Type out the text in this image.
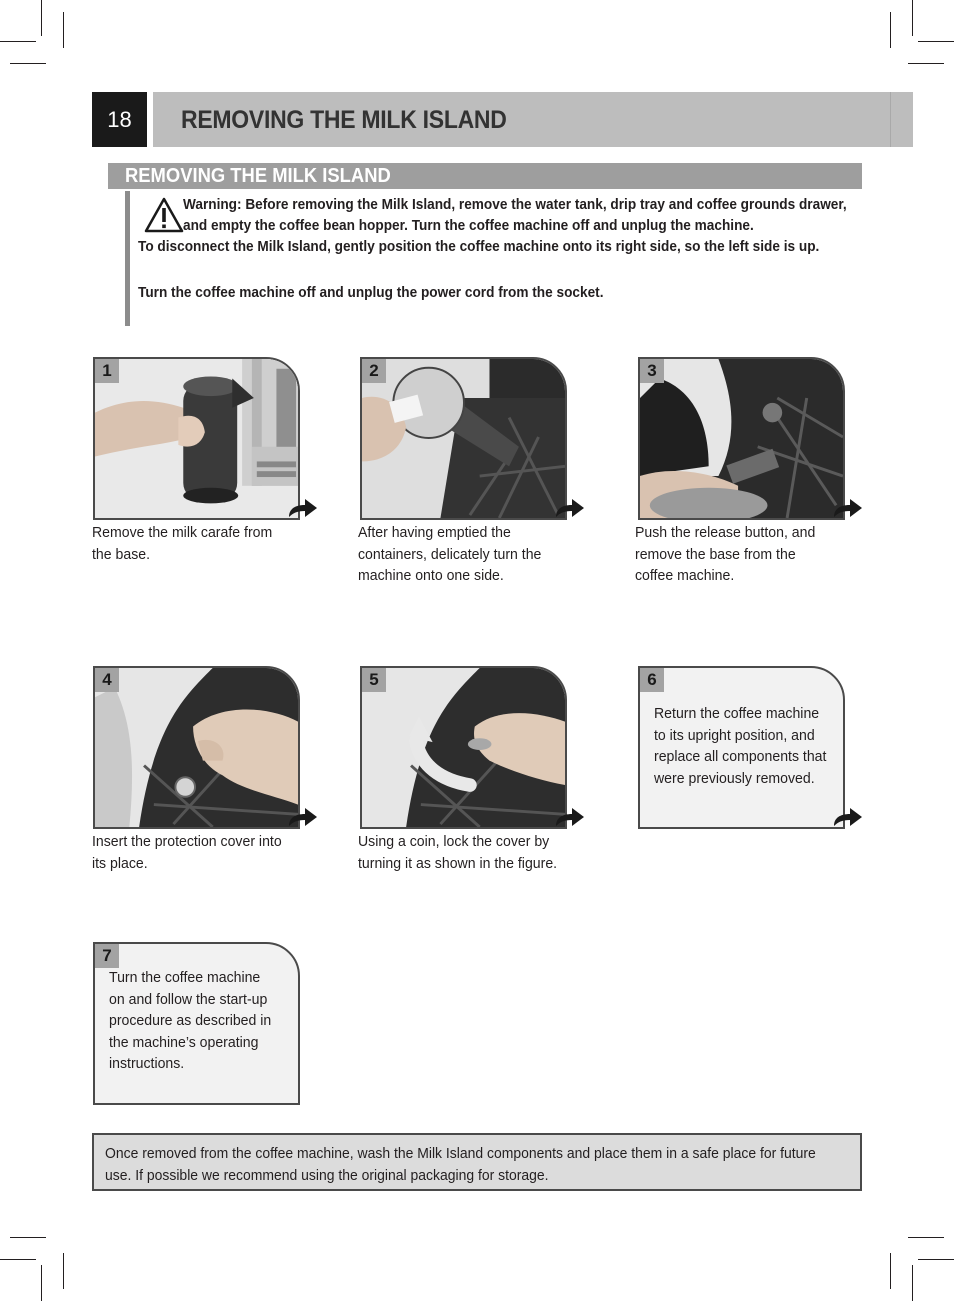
18	REMOVING THE MILK ISLAND
REMOVING THE MILK ISLAND
Warning: Before removing the Milk Island, remove the water tank, drip tray and coffee grounds drawer, and empty the coffee bean hopper. Turn the coffee machine off and unplug the machine.
To disconnect the Milk Island, gently position the coffee machine onto its right side, so the left side is up.
Turn the coffee machine off and unplug the power cord from the socket.
1
Remove the milk carafe from the base.
2
After having emptied the containers, delicately turn the machine onto one side.
3
Push the release button, and remove the base from the coffee machine.
4
Insert the protection cover into its place.
5
Using a coin, lock the cover by turning it as shown in the figure.
6
Return the coffee machine to its upright position, and replace all components that were previously removed.
7
Turn the coffee machine on and follow the start-up procedure as described in the machine’s operating instructions.
Once removed from the coffee machine, wash the Milk Island components and place them in a safe place for future use. If possible we recommend using the original packaging for storage.
